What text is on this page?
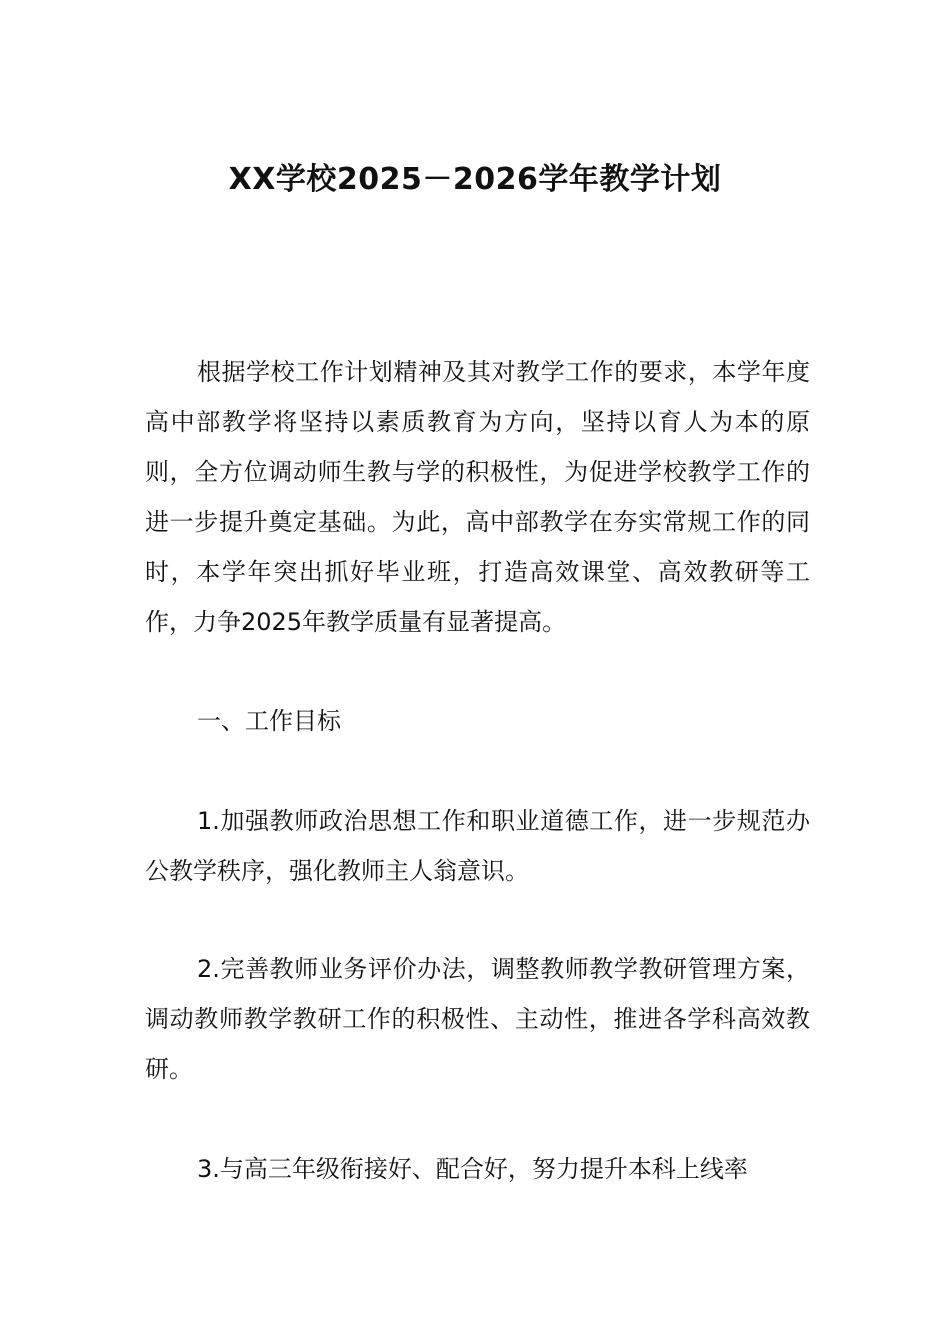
XX学校2025－2026学年教学计划

根据学校工作计划精神及其对教学工作的要求，本学年度高中部教学将坚持以素质教育为方向，坚持以育人为本的原则，全方位调动师生教与学的积极性，为促进学校教学工作的进一步提升奠定基础。为此，高中部教学在夯实常规工作的同时，本学年突出抓好毕业班，打造高效课堂、高效教研等工作，力争2025年教学质量有显著提高。

一、工作目标

1.加强教师政治思想工作和职业道德工作，进一步规范办公教学秩序，强化教师主人翁意识。

2.完善教师业务评价办法，调整教师教学教研管理方案，调动教师教学教研工作的积极性、主动性，推进各学科高效教研。

3.与高三年级衔接好、配合好，努力提升本科上线率
